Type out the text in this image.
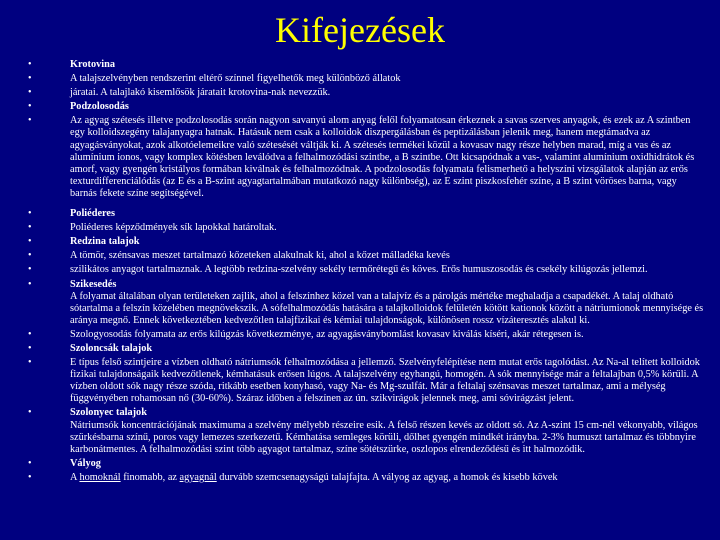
Kifejezések
• Krotovina
• A talajszelvényben rendszerint eltérő színnel figyelhetők meg különböző állatok
• járatai. A talajlakó kisemlősök járatait krotovina-nak nevezzük.
• Podzolosodás
• Az agyag szétesés illetve podzolosodás során nagyon savanyú alom anyag felől folyamatosan érkeznek a savas szerves anyagok, és ezek az A szintben egy kolloidszegény talajanyagra hatnak. Hatásuk nem csak a kolloidok diszpergálásban és peptizálásban jelenik meg, hanem megtámadva az agyagásványokat, azok alkotóelemeikre való szétesését váltják ki. A szétesés termékei közül a kovasav nagy része helyben marad, míg a vas és az alumínium ionos, vagy komplex kötésben leválódva a felhalmozódási szintbe, a B szintbe. Ott kicsapódnak a vas-, valamint alumínium oxidhidrátok és amorf, vagy gyengén kristályos formában kiválnak és felhalmozódnak. A podzolosodás folyamata felismerhető a helyszíni vizsgálatok alapján az erős texturdifferenciálódás (az E és a B-szint agyagtartalmában mutatkozó nagy különbség), az E szint piszkosfehér színe, a B szint vöröses barna, vagy barnás fekete színe segítségével.
• Poliéderes
• Poliéderes képződmények sík lapokkal határoltak.
• Redzina talajok
• A tömör, szénsavas meszet tartalmazó kőzeteken alakulnak ki, ahol a kőzet málladéka kevés
• szilikátos anyagot tartalmaznak. A legtöbb redzina-szelvény sekély termőrétegű és köves. Erős humuszosodás és csekély kilúgozás jellemzi.
• Szikesedés
A folyamat általában olyan területeken zajlik, ahol a felszínhez közel van a talajvíz és a párolgás mértéke meghaladja a csapadékét. A talaj oldható sótartalma a felszín közelében megnövekszik. A sófelhalmozódás hatására a talajkolloidok felületén kötött kationok között a nátriumionok mennyisége és aránya megnő. Ennek következtében kedvezőtlen talajfizikai és kémiai tulajdonságok, különösen rossz vízáteresztés alakul ki.
• Szologyosodás folyamata az erős kilúgzás következménye, az agyagásványbomlást kovasav kiválás kíséri, akár rétegesen is.
• Szoloncsák talajok
• E típus felső szintjeire a vízben oldható nátriumsók felhalmozódása a jellemző. Szelvényfelépítése nem mutat erős tagolódást. Az Na-al telített kolloidok fizikai tulajdonságaik kedvezőtlenek, kémhatásuk erősen lúgos. A talajszelvény egyhangú, homogén. A sók mennyisége már a feltalajban 0,5% körüli. A vízben oldott sók nagy része szóda, ritkább esetben konyhasó, vagy Na- és Mg-szulfát. Már a feltalaj szénsavas meszet tartalmaz, ami a mélység függvényében rohamosan nő (30-60%). Száraz időben a felszínen az ún. szikvirágok jelennek meg, ami sóvirágzást jelent.
• Szolonyec talajok
Nátriumsók koncentrációjának maximuma a szelvény mélyebb részeire esik. A felső részen kevés az oldott só. Az A-szint 15 cm-nél vékonyabb, világos szürkésbarna színű, poros vagy lemezes szerkezetű. Kémhatása semleges körüli, dőlhet gyengén mindkét irányba. 2-3% humuszt tartalmaz és többnyire karbonátmentes. A felhalmozódási szint több agyagot tartalmaz, színe sötétszürke, oszlopos elrendeződésű és itt halmozódik.
• Vályog
• A homoknál finomabb, az agyagnál durvább szemcsenagyságú talajfajta. A vályog az agyag, a homok és kisebb kövek
